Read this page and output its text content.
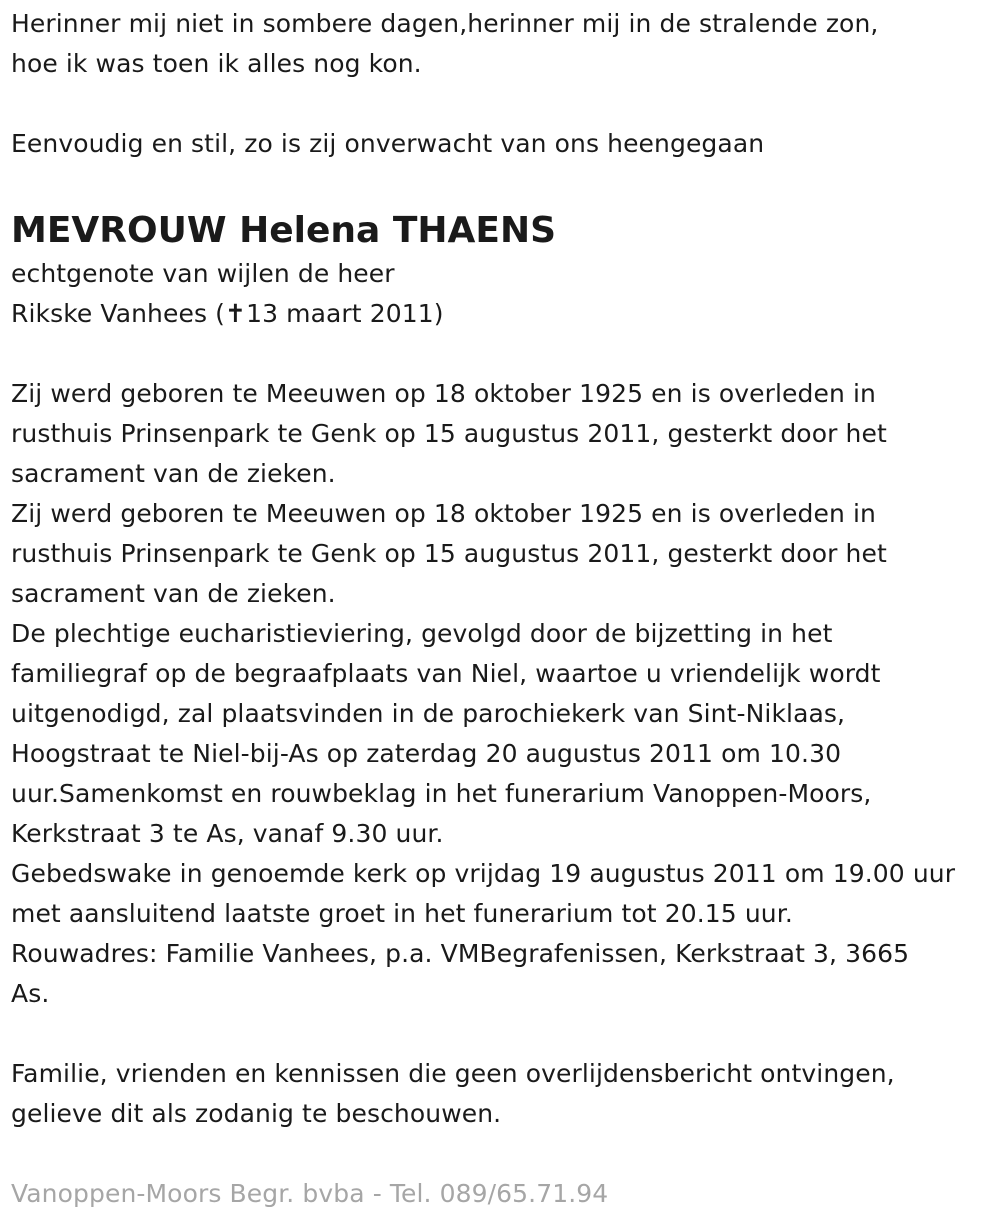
Herinner mij niet in sombere dagen,herinner mij in de stralende zon,
hoe ik was toen ik alles nog kon.
Eenvoudig en stil, zo is zij onverwacht van ons heengegaan
MEVROUW Helena THAENS
echtgenote van wijlen de heer
Rikske Vanhees (✝13 maart 2011)
Zij werd geboren te Meeuwen op 18 oktober 1925 en is overleden in
rusthuis Prinsenpark te Genk op 15 augustus 2011, gesterkt door het
sacrament van de zieken.
Zij werd geboren te Meeuwen op 18 oktober 1925 en is overleden in
rusthuis Prinsenpark te Genk op 15 augustus 2011, gesterkt door het
sacrament van de zieken.
De plechtige eucharistieviering, gevolgd door de bijzetting in het
familiegraf op de begraafplaats van Niel, waartoe u vriendelijk wordt
uitgenodigd, zal plaatsvinden in de parochiekerk van Sint-Niklaas,
Hoogstraat te Niel-bij-As op zaterdag 20 augustus 2011 om 10.30
uur.Samenkomst en rouwbeklag in het funerarium Vanoppen-Moors,
Kerkstraat 3 te As, vanaf 9.30 uur.
Gebedswake in genoemde kerk op vrijdag 19 augustus 2011 om 19.00 uur
met aansluitend laatste groet in het funerarium tot 20.15 uur.
Rouwadres: Familie Vanhees, p.a. VMBegrafenissen, Kerkstraat 3, 3665
As.
Familie, vrienden en kennissen die geen overlijdensbericht ontvingen,
gelieve dit als zodanig te beschouwen.
Vanoppen-Moors Begr. bvba - Tel. 089/65.71.94
